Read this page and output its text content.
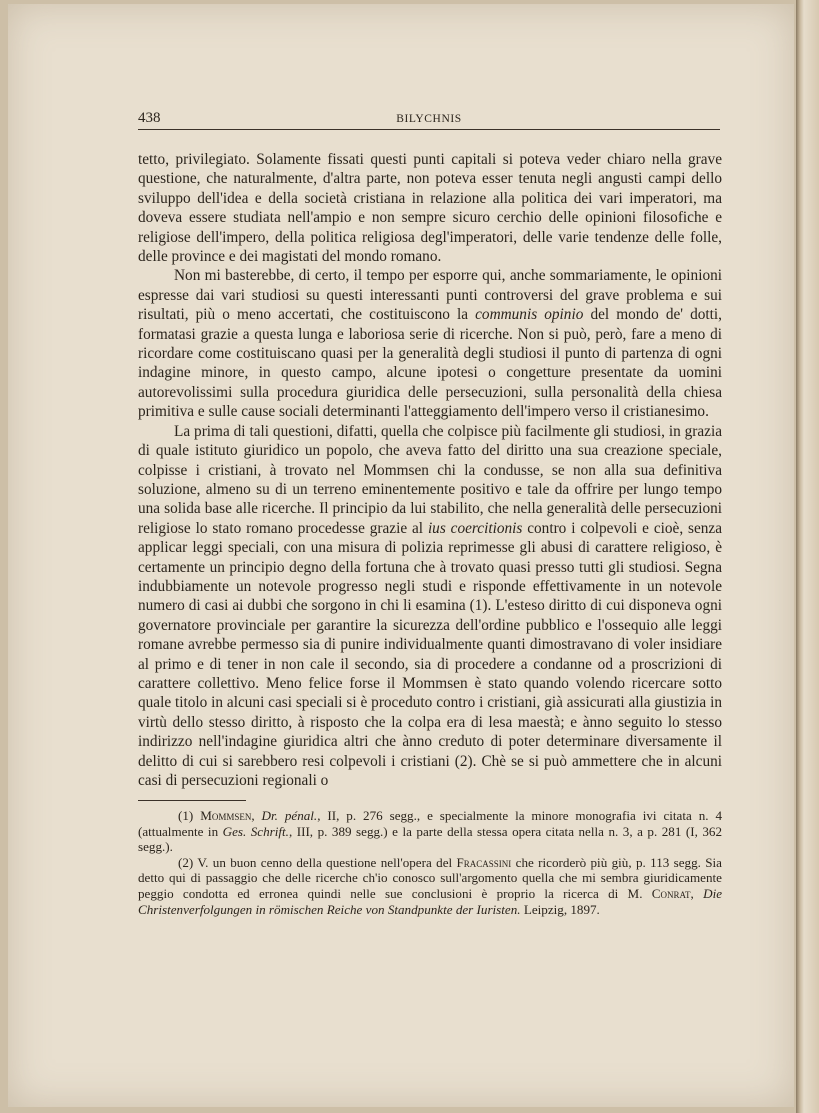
438	BILYCHNIS

tetto, privilegiato. Solamente fissati questi punti capitali si poteva veder chiaro nella grave questione, che naturalmente, d'altra parte, non poteva esser tenuta negli angusti campi dello sviluppo dell'idea e della società cristiana in relazione alla politica dei vari imperatori, ma doveva essere studiata nell'ampio e non sempre sicuro cerchio delle opinioni filosofiche e religiose dell'impero, della politica religiosa degl'imperatori, delle varie tendenze delle folle, delle province e dei magistati del mondo romano.

Non mi basterebbe, di certo, il tempo per esporre qui, anche sommariamente, le opinioni espresse dai vari studiosi su questi interessanti punti controversi del grave problema e sui risultati, più o meno accertati, che costituiscono la communis opinio del mondo de' dotti, formatasi grazie a questa lunga e laboriosa serie di ricerche. Non si può, però, fare a meno di ricordare come costituiscano quasi per la generalità degli studiosi il punto di partenza di ogni indagine minore, in questo campo, alcune ipotesi o congetture presentate da uomini autorevolissimi sulla procedura giuridica delle persecuzioni, sulla personalità della chiesa primitiva e sulle cause sociali determinanti l'atteggiamento dell'impero verso il cristianesimo.

La prima di tali questioni, difatti, quella che colpisce più facilmente gli studiosi, in grazia di quale istituto giuridico un popolo, che aveva fatto del diritto una sua creazione speciale, colpisse i cristiani, à trovato nel Mommsen chi la condusse, se non alla sua definitiva soluzione, almeno su di un terreno eminentemente positivo e tale da offrire per lungo tempo una solida base alle ricerche. Il principio da lui stabilito, che nella generalità delle persecuzioni religiose lo stato romano procedesse grazie al ius coercitionis contro i colpevoli e cioè, senza applicar leggi speciali, con una misura di polizia reprimesse gli abusi di carattere religioso, è certamente un principio degno della fortuna che à trovato quasi presso tutti gli studiosi. Segna indubbiamente un notevole progresso negli studi e risponde effettivamente in un notevole numero di casi ai dubbi che sorgono in chi li esamina (1). L'esteso diritto di cui disponeva ogni governatore provinciale per garantire la sicurezza dell'ordine pubblico e l'ossequio alle leggi romane avrebbe permesso sia di punire individualmente quanti dimostravano di voler insidiare al primo e di tener in non cale il secondo, sia di procedere a condanne od a proscrizioni di carattere collettivo. Meno felice forse il Mommsen è stato quando volendo ricercare sotto quale titolo in alcuni casi speciali si è proceduto contro i cristiani, già assicurati alla giustizia in virtù dello stesso diritto, à risposto che la colpa era di lesa maestà; e ànno seguito lo stesso indirizzo nell'indagine giuridica altri che ànno creduto di poter determinare diversamente il delitto di cui si sarebbero resi colpevoli i cristiani (2). Chè se si può ammettere che in alcuni casi di persecuzioni regionali o

(1) Mommsen, Dr. pénal., II, p. 276 segg., e specialmente la minore monografia ivi citata n. 4 (attualmente in Ges. Schrift., III, p. 389 segg.) e la parte della stessa opera citata nella n. 3, a p. 281 (I, 362 segg.).

(2) V. un buon cenno della questione nell'opera del Fracassini che ricorderò più giù, p. 113 segg. Sia detto qui di passaggio che delle ricerche ch'io conosco sull'argomento quella che mi sembra giuridicamente peggio condotta ed erronea quindi nelle sue conclusioni è proprio la ricerca di M. Conrat, Die Christenverfolgungen in römischen Reiche von Standpunkte der Iuristen. Leipzig, 1897.
